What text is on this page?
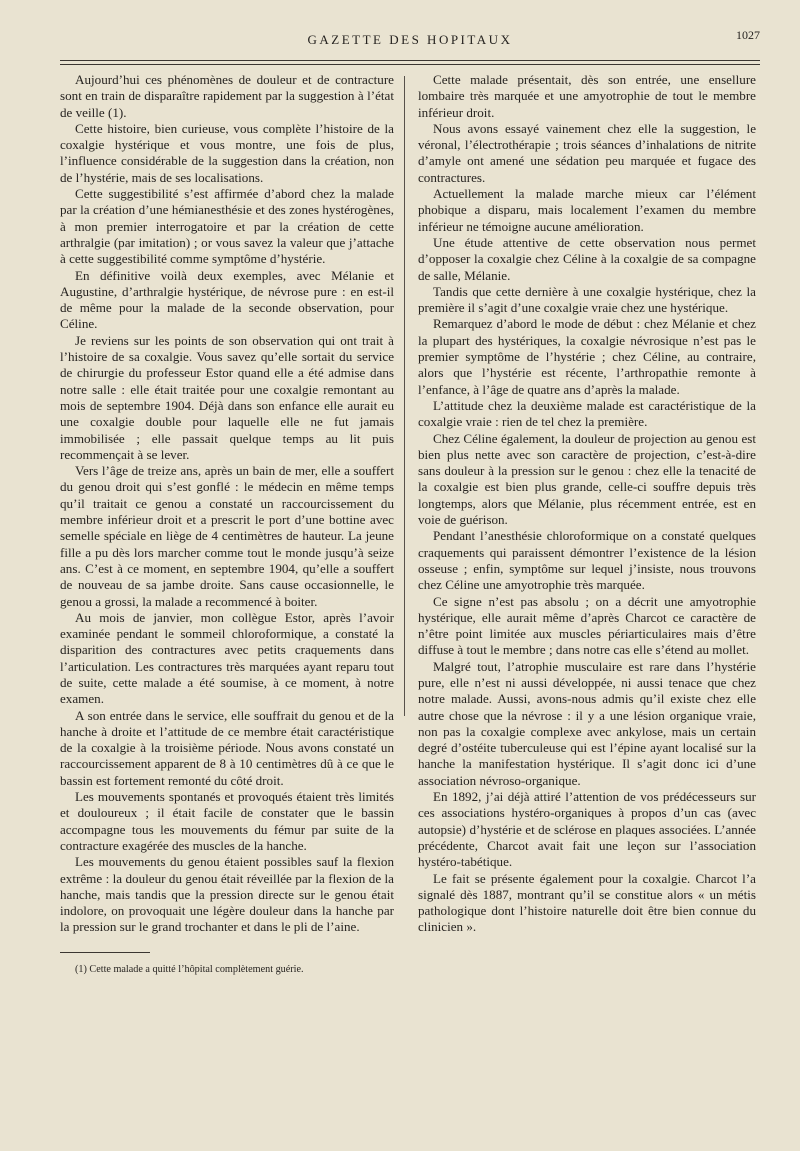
GAZETTE DES HOPITAUX	1027

Aujourd’hui ces phénomènes de douleur et de contracture sont en train de disparaître rapidement par la suggestion à l’état de veille (1).

Cette histoire, bien curieuse, vous complète l’histoire de la coxalgie hystérique et vous montre, une fois de plus, l’influence considérable de la suggestion dans la création, non de l’hystérie, mais de ses localisations.

Cette suggestibilité s’est affirmée d’abord chez la malade par la création d’une hémianesthésie et des zones hystérogènes, à mon premier interrogatoire et par la création de cette arthralgie (par imitation) ; or vous savez la valeur que j’attache à cette suggestibilité comme symptôme d’hystérie.

En définitive voilà deux exemples, avec Mélanie et Augustine, d’arthralgie hystérique, de névrose pure : en est-il de même pour la malade de la seconde observation, pour Céline.

Je reviens sur les points de son observation qui ont trait à l’histoire de sa coxalgie. Vous savez qu’elle sortait du service de chirurgie du professeur Estor quand elle a été admise dans notre salle : elle était traitée pour une coxalgie remontant au mois de septembre 1904. Déjà dans son enfance elle aurait eu une coxalgie double pour laquelle elle ne fut jamais immobilisée ; elle passait quelque temps au lit puis recommençait à se lever.

Vers l’âge de treize ans, après un bain de mer, elle a souffert du genou droit qui s’est gonflé : le médecin en même temps qu’il traitait ce genou a constaté un raccourcissement du membre inférieur droit et a prescrit le port d’une bottine avec semelle spéciale en liège de 4 centimètres de hauteur. La jeune fille a pu dès lors marcher comme tout le monde jusqu’à seize ans. C’est à ce moment, en septembre 1904, qu’elle a souffert de nouveau de sa jambe droite. Sans cause occasionnelle, le genou a grossi, la malade a recommencé à boiter.

Au mois de janvier, mon collègue Estor, après l’avoir examinée pendant le sommeil chloroformique, a constaté la disparition des contractures avec petits craquements dans l’articulation. Les contractures très marquées ayant reparu tout de suite, cette malade a été soumise, à ce moment, à notre examen.

A son entrée dans le service, elle souffrait du genou et de la hanche à droite et l’attitude de ce membre était caractéristique de la coxalgie à la troisième période. Nous avons constaté un raccourcissement apparent de 8 à 10 centimètres dû à ce que le bassin est fortement remonté du côté droit.

Les mouvements spontanés et provoqués étaient très limités et douloureux ; il était facile de constater que le bassin accompagne tous les mouvements du fémur par suite de la contracture exagérée des muscles de la hanche.

Les mouvements du genou étaient possibles sauf la flexion extrême : la douleur du genou était réveillée par la flexion de la hanche, mais tandis que la pression directe sur le genou était indolore, on provoquait une légère douleur dans la hanche par la pression sur le grand trochanter et dans le pli de l’aine.

(1) Cette malade a quitté l’hôpital complètement guérie.

Cette malade présentait, dès son entrée, une ensellure lombaire très marquée et une amyotrophie de tout le membre inférieur droit.

Nous avons essayé vainement chez elle la suggestion, le véronal, l’électrothérapie ; trois séances d’inhalations de nitrite d’amyle ont amené une sédation peu marquée et fugace des contractures.

Actuellement la malade marche mieux car l’élément phobique a disparu, mais localement l’examen du membre inférieur ne témoigne aucune amélioration.

Une étude attentive de cette observation nous permet d’opposer la coxalgie chez Céline à la coxalgie de sa compagne de salle, Mélanie.

Tandis que cette dernière à une coxalgie hystérique, chez la première il s’agit d’une coxalgie vraie chez une hystérique.

Remarquez d’abord le mode de début : chez Mélanie et chez la plupart des hystériques, la coxalgie névrosique n’est pas le premier symptôme de l’hystérie ; chez Céline, au contraire, alors que l’hystérie est récente, l’arthropathie remonte à l’enfance, à l’âge de quatre ans d’après la malade.

L’attitude chez la deuxième malade est caractéristique de la coxalgie vraie : rien de tel chez la première.

Chez Céline également, la douleur de projection au genou est bien plus nette avec son caractère de projection, c’est-à-dire sans douleur à la pression sur le genou : chez elle la tenacité de la coxalgie est bien plus grande, celle-ci souffre depuis très longtemps, alors que Mélanie, plus récemment entrée, est en voie de guérison.

Pendant l’anesthésie chloroformique on a constaté quelques craquements qui paraissent démontrer l’existence de la lésion osseuse ; enfin, symptôme sur lequel j’insiste, nous trouvons chez Céline une amyotrophie très marquée.

Ce signe n’est pas absolu ; on a décrit une amyotrophie hystérique, elle aurait même d’après Charcot ce caractère de n’être point limitée aux muscles périarticulaires mais d’être diffuse à tout le membre ; dans notre cas elle s’étend au mollet.

Malgré tout, l’atrophie musculaire est rare dans l’hystérie pure, elle n’est ni aussi développée, ni aussi tenace que chez notre malade. Aussi, avons-nous admis qu’il existe chez elle autre chose que la névrose : il y a une lésion organique vraie, non pas la coxalgie complexe avec ankylose, mais un certain degré d’ostéite tuberculeuse qui est l’épine ayant localisé sur la hanche la manifestation hystérique. Il s’agit donc ici d’une association névroso-organique.

En 1892, j’ai déjà attiré l’attention de vos prédécesseurs sur ces associations hystéro-organiques à propos d’un cas (avec autopsie) d’hystérie et de sclérose en plaques associées. L’année précédente, Charcot avait fait une leçon sur l’association hystéro-tabétique.

Le fait se présente également pour la coxalgie. Charcot l’a signalé dès 1887, montrant qu’il se constitue alors « un métis pathologique dont l’histoire naturelle doit être bien connue du clinicien ».
